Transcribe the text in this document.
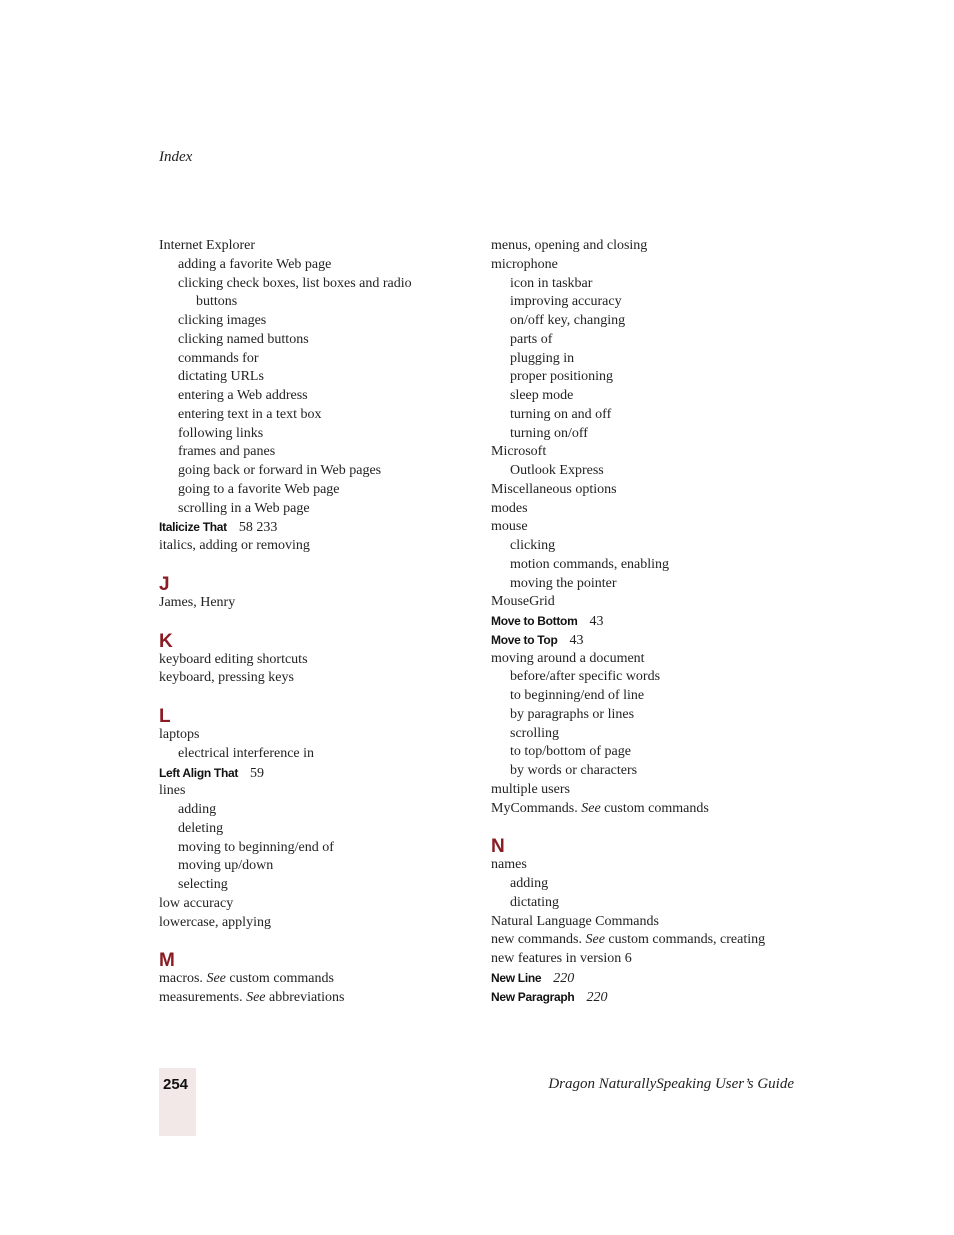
Index
Internet Explorer
adding a favorite Web page
clicking check boxes, list boxes and radio
buttons
clicking images
clicking named buttons
commands for
dictating URLs
entering a Web address
entering text in a text box
following links
frames and panes
going back or forward in Web pages
going to a favorite Web page
scrolling in a Web page
Italicize That 58 233
italics, adding or removing
J
James, Henry
K
keyboard editing shortcuts
keyboard, pressing keys
L
laptops
electrical interference in
Left Align That 59
lines
adding
deleting
moving to beginning/end of
moving up/down
selecting
low accuracy
lowercase, applying
M
macros. See custom commands
measurements. See abbreviations
menus, opening and closing
microphone
icon in taskbar
improving accuracy
on/off key, changing
parts of
plugging in
proper positioning
sleep mode
turning on and off
turning on/off
Microsoft
Outlook Express
Miscellaneous options
modes
mouse
clicking
motion commands, enabling
moving the pointer
MouseGrid
Move to Bottom 43
Move to Top 43
moving around a document
before/after specific words
to beginning/end of line
by paragraphs or lines
scrolling
to top/bottom of page
by words or characters
multiple users
MyCommands. See custom commands
N
names
adding
dictating
Natural Language Commands
new commands. See custom commands, creating
new features in version 6
New Line 220
New Paragraph 220
254	Dragon NaturallySpeaking User’s Guide
